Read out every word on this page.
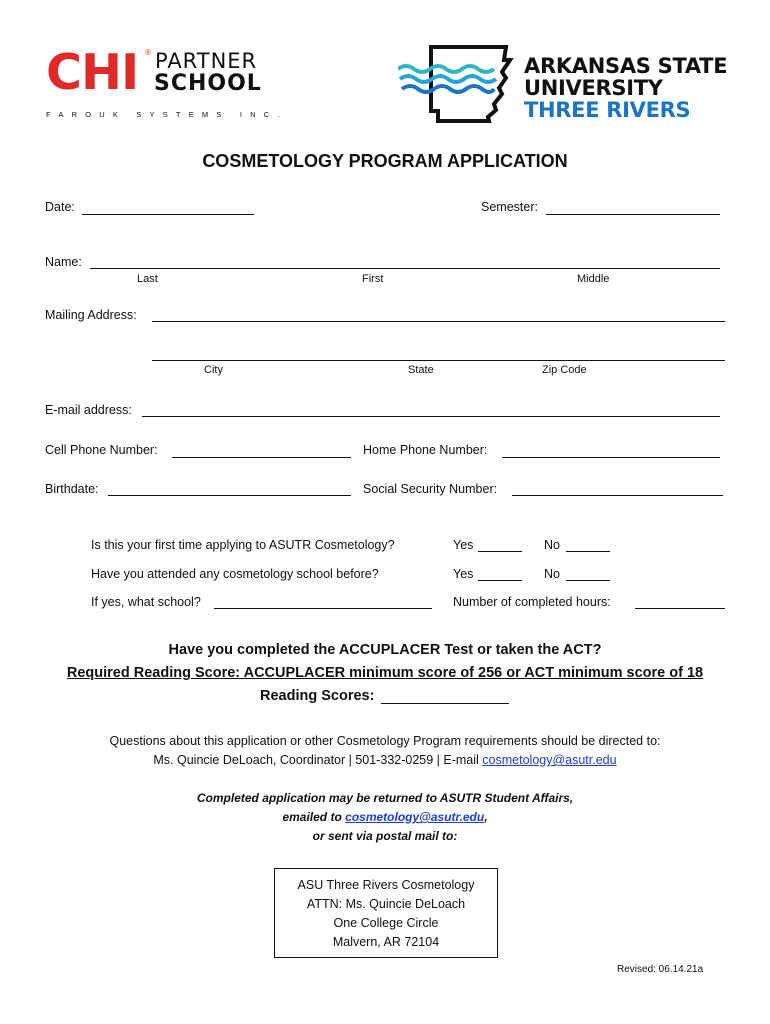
CHI ® PARTNER
SCHOOL
FAROUK SYSTEMS INC.
ARKANSAS STATE
UNIVERSITY
THREE RIVERS
COSMETOLOGY PROGRAM APPLICATION
Date:	Semester:
Name:
Last	First	Middle
Mailing Address:
City	State	Zip Code
E-mail address:
Cell Phone Number:	Home Phone Number:
Birthdate:	Social Security Number:
Is this your first time applying to ASUTR Cosmetology?	Yes	No
Have you attended any cosmetology school before?	Yes	No
If yes, what school?	Number of completed hours:
Have you completed the ACCUPLACER Test or taken the ACT?
Required Reading Score: ACCUPLACER minimum score of 256 or ACT minimum score of 18
Reading Scores:
Questions about this application or other Cosmetology Program requirements should be directed to:
Ms. Quincie DeLoach, Coordinator | 501-332-0259 | E-mail cosmetology@asutr.edu
Completed application may be returned to ASUTR Student Affairs,
emailed to cosmetology@asutr.edu,
or sent via postal mail to:
ASU Three Rivers Cosmetology
ATTN: Ms. Quincie DeLoach
One College Circle
Malvern, AR 72104
Revised: 06.14.21a
